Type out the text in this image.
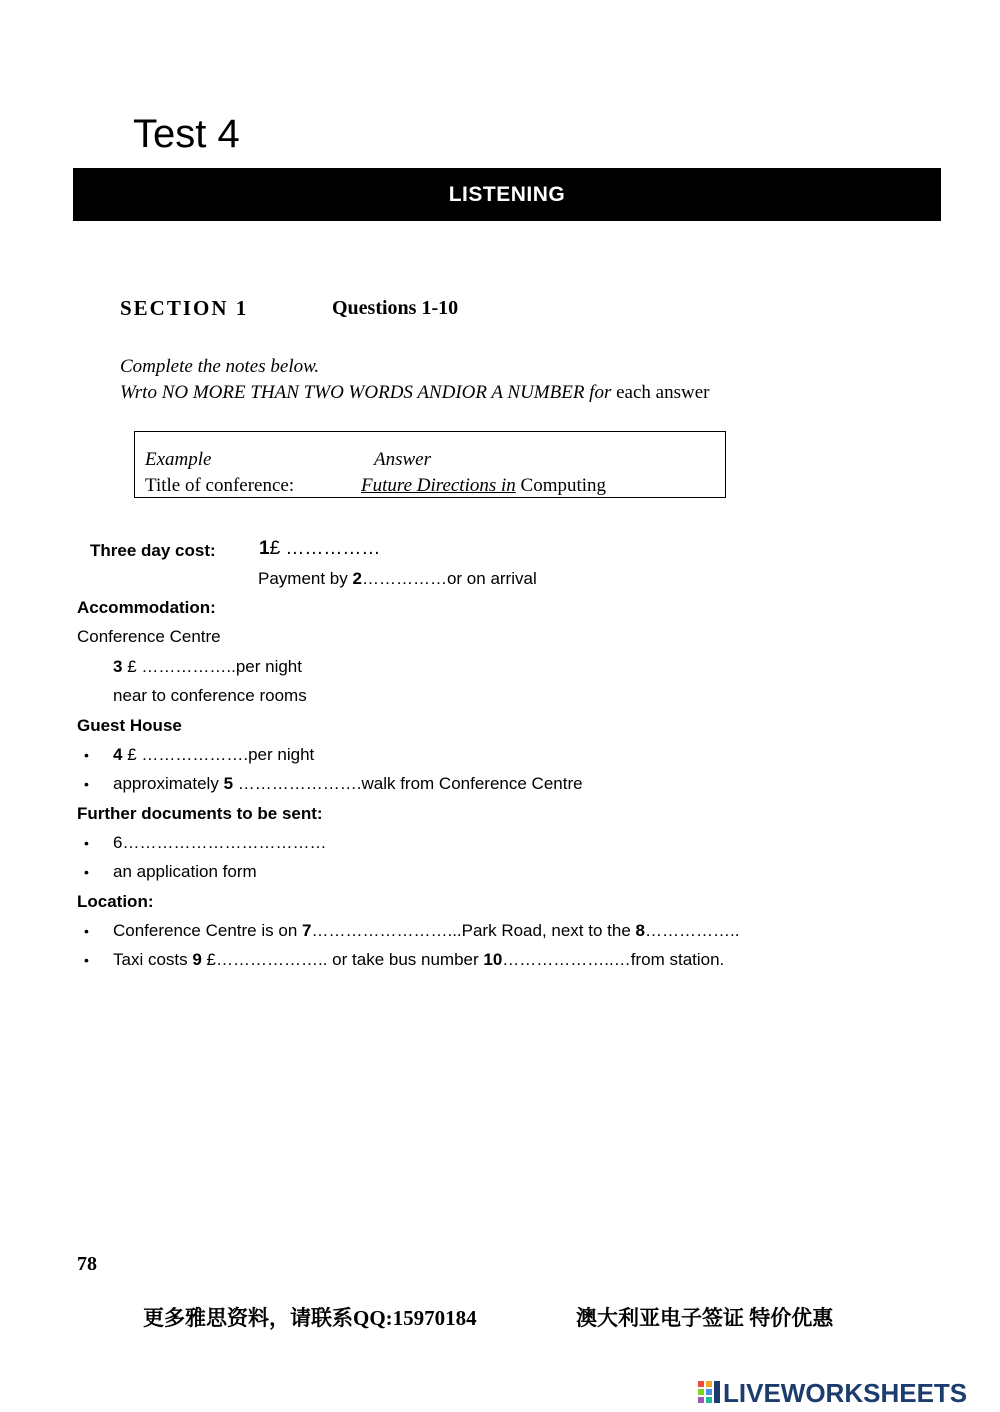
Test 4
LISTENING
SECTION 1	Questions 1-10
Complete the notes below.
Wrto NO MORE THAN TWO WORDS ANDIOR A NUMBER for each answer
Example	Answer
Title of conference:	Future Directions in Computing
Three day cost: 1£ ……………
Payment by 2……………or on arrival
Accommodation:
Conference Centre
3 £ ……………..per night
near to conference rooms
Guest House
• 4 £ ……………….per night
• approximately 5 ………………….walk from Conference Centre
Further documents to be sent:
• 6………………………………
• an application form
Location:
• Conference Centre is on 7……………………...Park Road, next to the 8……………..
• Taxi costs 9 £……………….. or take bus number 10………………..…from station.
78
更多雅思资料，请联系QQ:15970184	澳大利亚电子签证 特价优惠
LIVEWORKSHEETS
